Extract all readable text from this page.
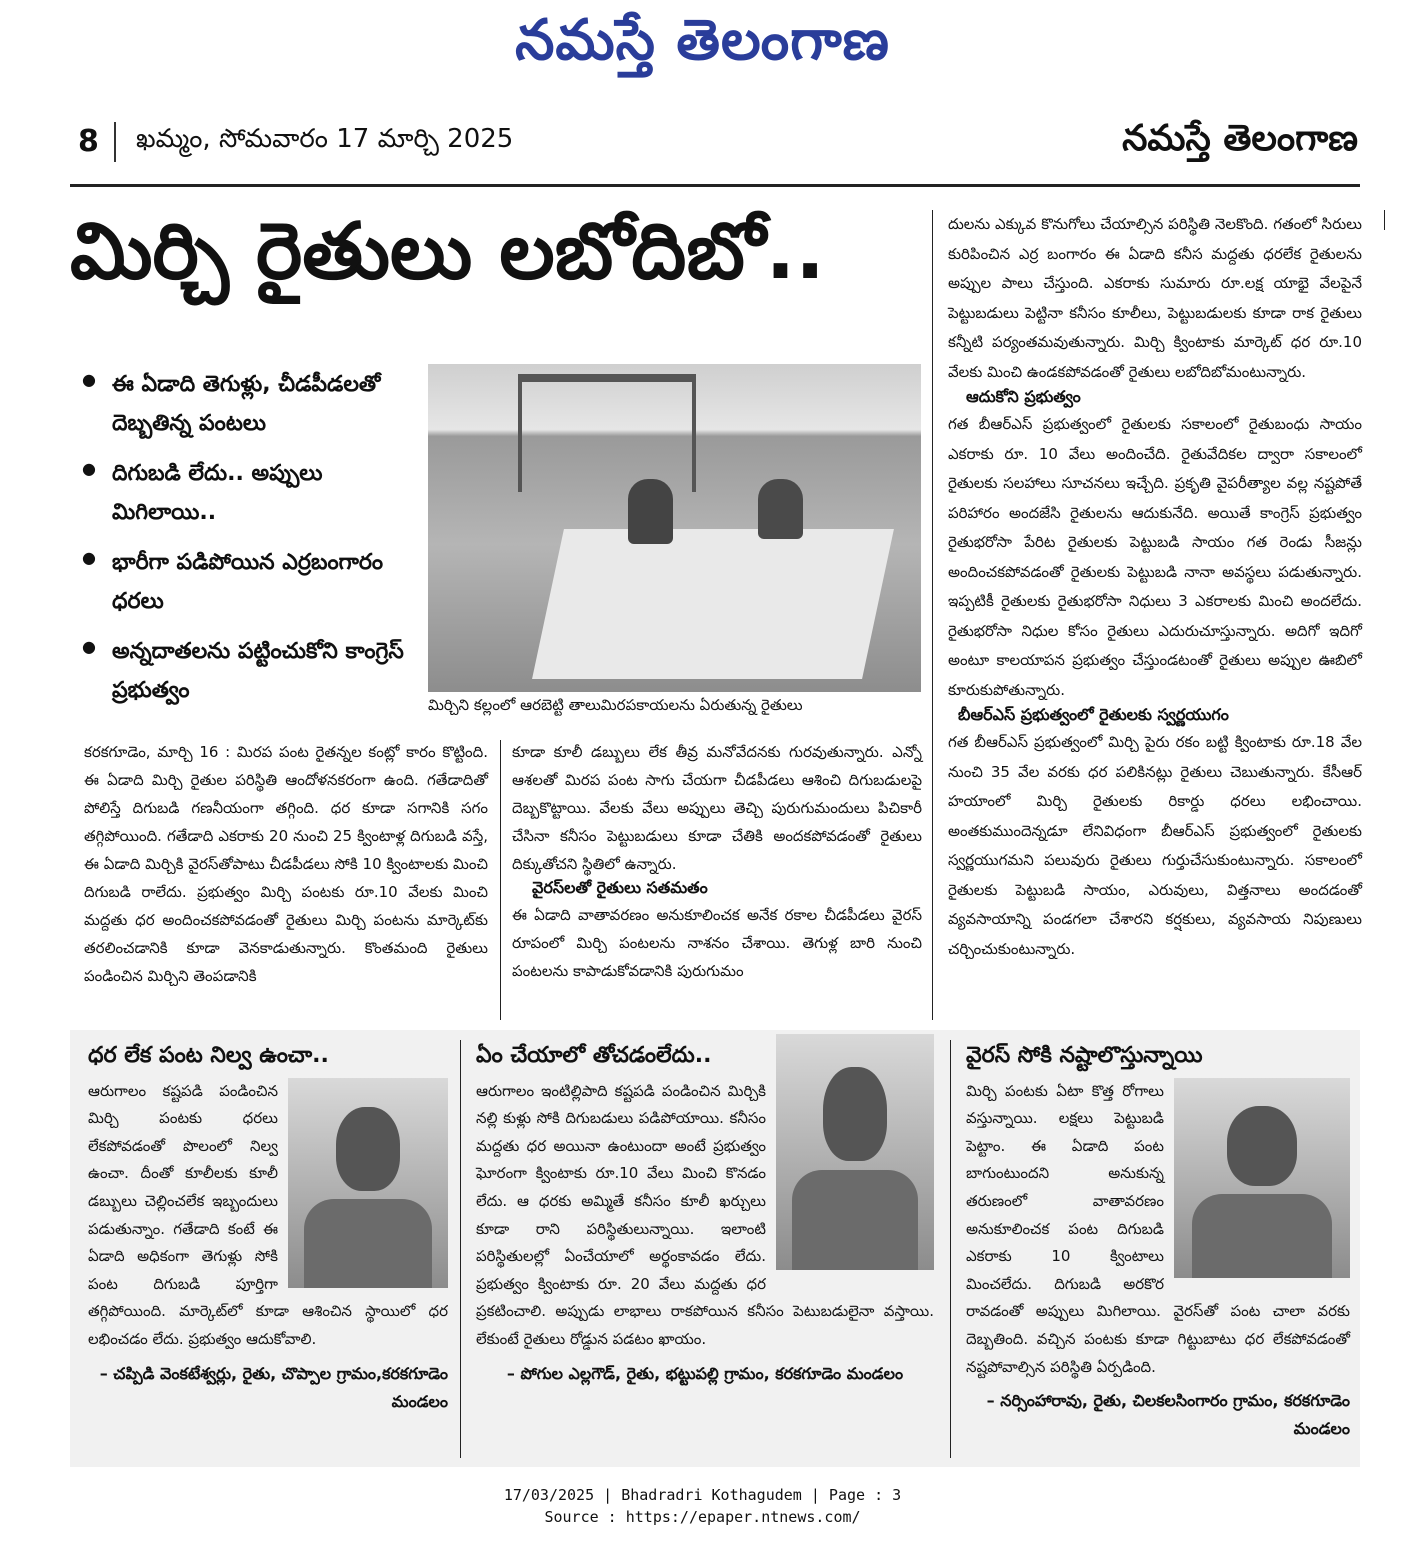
నమస్తే తెలంగాణ
8 ఖమ్మం, సోమవారం 17 మార్చి 2025	నమస్తే తెలంగాణ
మిర్చి రైతులు లబోదిబో..
● ఈ ఏడాది తెగుళ్లు, చీడపీడలతో దెబ్బతిన్న పంటలు
● దిగుబడి లేదు.. అప్పులు మిగిలాయి..
● భారీగా పడిపోయిన ఎర్రబంగారం ధరలు
● అన్నదాతలను పట్టించుకోని కాంగ్రెస్ ప్రభుత్వం
మిర్చిని కల్లంలో ఆరబెట్టి తాలుమిరపకాయలను ఏరుతున్న రైతులు

కరకగూడెం, మార్చి 16 : మిరప పంట రైతన్నల కంట్లో కారం కొట్టింది. ఈ ఏడాది మిర్చి రైతుల పరిస్థితి ఆందోళనకరంగా ఉంది. గతేడాదితో పోలిస్తే దిగుబడి గణనీయంగా తగ్గింది. ధర కూడా సగానికి సగం తగ్గిపోయింది. గతేడాది ఎకరాకు 20 నుంచి 25 క్వింటాళ్ల దిగుబడి వస్తే, ఈ ఏడాది మిర్చికి వైరస్‌తోపాటు చీడపీడలు సోకి 10 క్వింటాలకు మించి దిగుబడి రాలేదు. ప్రభుత్వం మిర్చి పంటకు రూ.10 వేలకు మించి మద్దతు ధర అందించకపోవడంతో రైతులు మిర్చి పంటను మార్కెట్‌కు తరలించడానికి కూడా వెనకాడుతున్నారు. కొంతమంది రైతులు పండించిన మిర్చిని తెంపడానికి

కూడా కూలీ డబ్బులు లేక తీవ్ర మనోవేదనకు గురవుతున్నారు. ఎన్నో ఆశలతో మిరప పంట సాగు చేయగా చీడపీడలు ఆశించి దిగుబడులపై దెబ్బకొట్టాయి. వేలకు వేలు అప్పులు తెచ్చి పురుగుమందులు పిచికారీ చేసినా కనీసం పెట్టుబడులు కూడా చేతికి అందకపోవడంతో రైతులు దిక్కుతోచని స్థితిలో ఉన్నారు.

వైరస్‌లతో రైతులు సతమతం

ఈ ఏడాది వాతావరణం అనుకూలించక అనేక రకాల చీడపీడలు వైరస్ రూపంలో మిర్చి పంటలను నాశనం చేశాయి. తెగుళ్ల బారి నుంచి పంటలను కాపాడుకోవడానికి పురుగుమం

దులను ఎక్కువ కొనుగోలు చేయాల్సిన పరిస్థితి నెలకొంది. గతంలో సిరులు కురిపించిన ఎర్ర బంగారం ఈ ఏడాది కనీస మద్దతు ధరలేక రైతులను అప్పుల పాలు చేస్తుంది. ఎకరాకు సుమారు రూ.లక్ష యాభై వేలపైనే పెట్టుబడులు పెట్టినా కనీసం కూలీలు, పెట్టుబడులకు కూడా రాక రైతులు కన్నీటి పర్యంతమవుతున్నారు. మిర్చి క్వింటాకు మార్కెట్ ధర రూ.10 వేలకు మించి ఉండకపోవడంతో రైతులు లబోదిబోమంటున్నారు.

ఆదుకోని ప్రభుత్వం

గత బీఆర్ఎస్ ప్రభుత్వంలో రైతులకు సకాలంలో రైతుబంధు సాయం ఎకరాకు రూ. 10 వేలు అందించేది. రైతువేదికల ద్వారా సకాలంలో రైతులకు సలహాలు సూచనలు ఇచ్చేది. ప్రకృతి వైపరీత్యాల వల్ల నష్టపోతే పరిహారం అందజేసి రైతులను ఆదుకునేది. అయితే కాంగ్రెస్ ప్రభుత్వం రైతుభరోసా పేరిట రైతులకు పెట్టుబడి సాయం గత రెండు సీజన్లు అందించకపోవడంతో రైతులకు పెట్టుబడి నానా అవస్థలు పడుతున్నారు. ఇప్పటికీ రైతులకు రైతుభరోసా నిధులు 3 ఎకరాలకు మించి అందలేదు. రైతుభరోసా నిధుల కోసం రైతులు ఎదురుచూస్తున్నారు. అదిగో ఇదిగో అంటూ కాలయాపన ప్రభుత్వం చేస్తుండటంతో రైతులు అప్పుల ఊబిలో కూరుకుపోతున్నారు.

బీఆర్ఎస్ ప్రభుత్వంలో రైతులకు స్వర్ణయుగం

గత బీఆర్ఎస్ ప్రభుత్వంలో మిర్చి పైరు రకం బట్టి క్వింటాకు రూ.18 వేల నుంచి 35 వేల వరకు ధర పలికినట్లు రైతులు చెబుతున్నారు. కేసీఆర్ హయాంలో మిర్చి రైతులకు రికార్డు ధరలు లభించాయి. అంతకుముందెన్నడూ లేనివిధంగా బీఆర్ఎస్ ప్రభుత్వంలో రైతులకు స్వర్ణయుగమని పలువురు రైతులు గుర్తుచేసుకుంటున్నారు. సకాలంలో రైతులకు పెట్టుబడి సాయం, ఎరువులు, విత్తనాలు అందడంతో వ్యవసాయాన్ని పండగలా చేశారని కర్షకులు, వ్యవసాయ నిపుణులు చర్చించుకుంటున్నారు.

ధర లేక పంట నిల్వ ఉంచా..

ఆరుగాలం కష్టపడి పండించిన మిర్చి పంటకు ధరలు లేకపోవడంతో పొలంలో నిల్వ ఉంచా. దీంతో కూలీలకు కూలీ డబ్బులు చెల్లించలేక ఇబ్బందులు పడుతున్నాం. గతేడాది కంటే ఈ ఏడాది అధికంగా తెగుళ్లు సోకి పంట దిగుబడి పూర్తిగా తగ్గిపోయింది. మార్కెట్‌లో కూడా ఆశించిన స్థాయిలో ధర లభించడం లేదు. ప్రభుత్వం ఆదుకోవాలి.

– చప్పిడి వెంకటేశ్వర్లు, రైతు, చొప్పాల గ్రామం,కరకగూడెం మండలం
ఏం చేయాలో తోచడంలేదు..

ఆరుగాలం ఇంటిల్లిపాది కష్టపడి పండించిన మిర్చికి నల్లి కుళ్లు సోకి దిగుబడులు పడిపోయాయి. కనీసం మద్దతు ధర అయినా ఉంటుందా అంటే ప్రభుత్వం ఘోరంగా క్వింటాకు రూ.10 వేలు మించి కొనడం లేదు. ఆ ధరకు అమ్మితే కనీసం కూలీ ఖర్చులు కూడా రాని పరిస్థితులున్నాయి. ఇలాంటి పరిస్థితులల్లో ఏంచేయాలో అర్థంకావడం లేదు. ప్రభుత్వం క్వింటాకు రూ. 20 వేలు మద్దతు ధర ప్రకటించాలి. అప్పుడు లాభాలు రాకపోయిన కనీసం పెటుబడులైనా వస్తాయి. లేకుంటే రైతులు రోడ్డున పడటం ఖాయం.

– పోగుల ఎల్లగౌడ్, రైతు, భట్టుపల్లి గ్రామం, కరకగూడెం మండలం
వైరస్ సోకి నష్టాలొస్తున్నాయి

మిర్చి పంటకు ఏటా కొత్త రోగాలు వస్తున్నాయి. లక్షలు పెట్టుబడి పెట్టాం. ఈ ఏడాది పంట బాగుంటుందని అనుకున్న తరుణంలో వాతావరణం అనుకూలించక పంట దిగుబడి ఎకరాకు 10 క్వింటాలు మించలేదు. దిగుబడి అరకొర రావడంతో అప్పులు మిగిలాయి. వైరస్‌తో పంట చాలా వరకు దెబ్బతింది. వచ్చిన పంటకు కూడా గిట్టుబాటు ధర లేకపోవడంతో నష్టపోవాల్సిన పరిస్థితి ఏర్పడింది.

– నర్సింహారావు, రైతు, చిలకలసింగారం గ్రామం, కరకగూడెం మండలం
17/03/2025 | Bhadradri Kothagudem | Page : 3
Source : https://epaper.ntnews.com/
